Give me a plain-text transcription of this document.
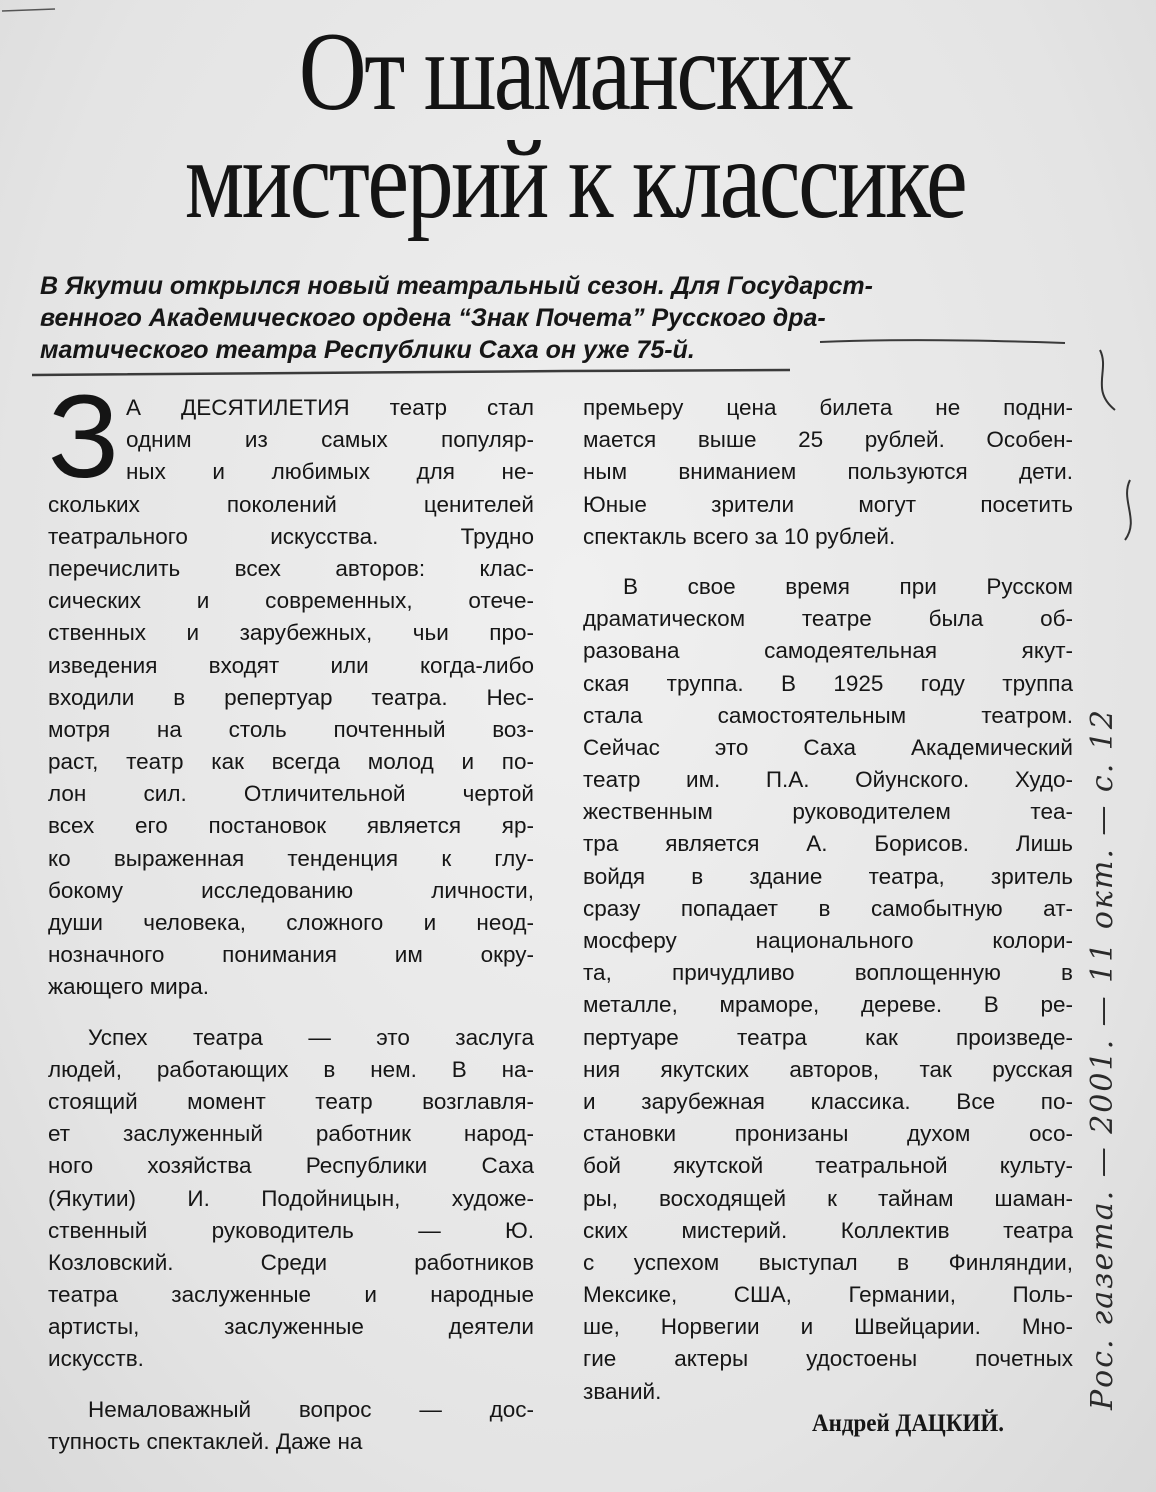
От шаманских
мистерий к классике

В Якутии открылся новый театральный сезон. Для Государст-
венного Академического ордена “Знак Почета” Русского дра-
матического театра Республики Саха он уже 75-й.

З А ДЕСЯТИЛЕТИЯ театр стал
одним из самых популяр-
ных и любимых для не-
скольких поколений ценителей
театрального искусства. Трудно
перечислить всех авторов: клас-
сических и современных, отече-
ственных и зарубежных, чьи про-
изведения входят или когда-либо
входили в репертуар театра. Нес-
мотря на столь почтенный воз-
раст, театр как всегда молод и по-
лон сил. Отличительной чертой
всех его постановок является яр-
ко выраженная тенденция к глу-
бокому исследованию личности,
души человека, сложного и неод-
нозначного понимания им окру-
жающего мира.
Успех театра — это заслуга
людей, работающих в нем. В на-
стоящий момент театр возглавля-
ет заслуженный работник народ-
ного хозяйства Республики Саха
(Якутии) И. Подойницын, художе-
ственный руководитель — Ю.
Козловский. Среди работников
театра заслуженные и народные
артисты, заслуженные деятели
искусств.
Немаловажный вопрос — дос-
тупность спектаклей. Даже на
премьеру цена билета не подни-
мается выше 25 рублей. Особен-
ным вниманием пользуются дети.
Юные зрители могут посетить
спектакль всего за 10 рублей.
В свое время при Русском
драматическом театре была об-
разована самодеятельная якут-
ская труппа. В 1925 году труппа
стала самостоятельным театром.
Сейчас это Саха Академический
театр им. П.А. Ойунского. Худо-
жественным руководителем теа-
тра является А. Борисов. Лишь
войдя в здание театра, зритель
сразу попадает в самобытную ат-
мосферу национального колори-
та, причудливо воплощенную в
металле, мраморе, дереве. В ре-
пертуаре театра как произведе-
ния якутских авторов, так русская
и зарубежная классика. Все по-
становки пронизаны духом осо-
бой якутской театральной культу-
ры, восходящей к тайнам шаман-
ских мистерий. Коллектив театра
с успехом выступал в Финляндии,
Мексике, США, Германии, Поль-
ше, Норвегии и Швейцарии. Мно-
гие актеры удостоены почетных
званий.
Андрей ДАЦКИЙ.
Рос. газета. — 2001. — 11 окт. — с. 12
